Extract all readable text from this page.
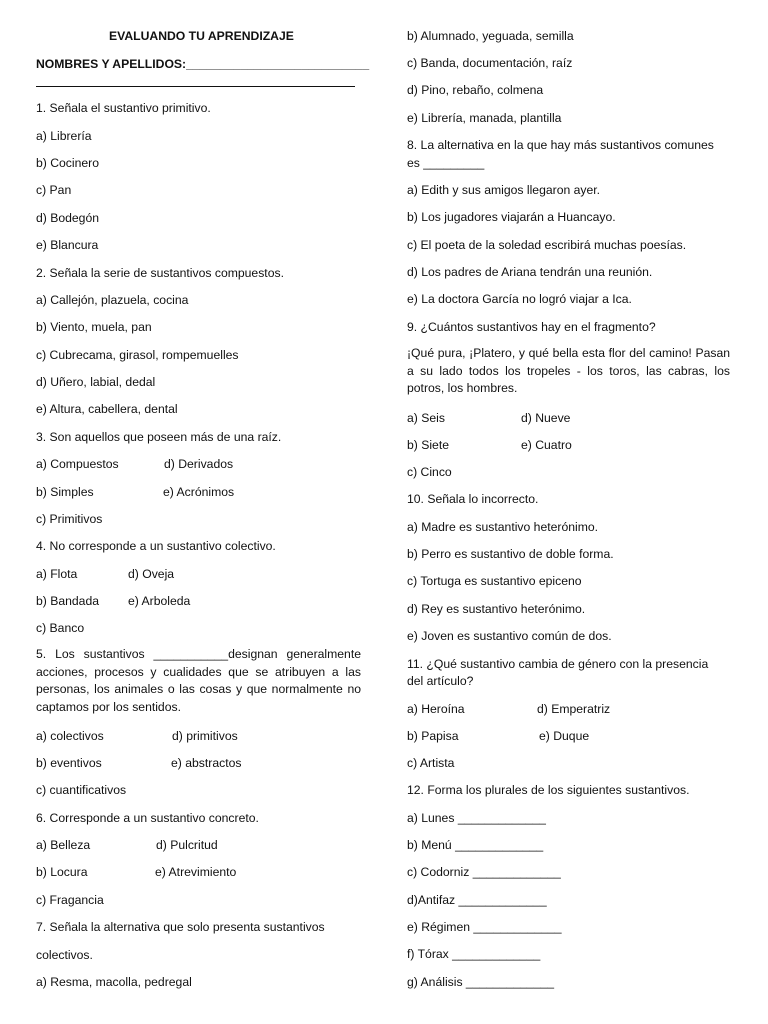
EVALUANDO TU APRENDIZAJE
NOMBRES Y APELLIDOS:___________________________
1. Señala el sustantivo primitivo.
a) Librería
b) Cocinero
c) Pan
d) Bodegón
e) Blancura
2. Señala la serie de sustantivos compuestos.
a) Callejón, plazuela, cocina
b) Viento, muela, pan
c) Cubrecama, girasol, rompemuelles
d) Uñero, labial, dedal
e) Altura, cabellera, dental
3. Son aquellos que poseen más de una raíz.
a) Compuestos	d) Derivados
b) Simples	e) Acrónimos
c) Primitivos
4. No corresponde a un sustantivo colectivo.
a) Flota	d) Oveja
b) Bandada e) Arboleda
c) Banco
5. Los sustantivos ___________designan generalmente acciones, procesos y cualidades que se atribuyen a las personas, los animales o las cosas y que normalmente no captamos por los sentidos.
a) colectivos	d) primitivos
b) eventivos	e) abstractos
c) cuantificativos
6. Corresponde a un sustantivo concreto.
a) Belleza	d) Pulcritud
b) Locura	e) Atrevimiento
c) Fragancia
7. Señala la alternativa que solo presenta sustantivos
colectivos.
a) Resma, macolla, pedregal
b) Alumnado, yeguada, semilla
c) Banda, documentación, raíz
d) Pino, rebaño, colmena
e) Librería, manada, plantilla
8. La alternativa en la que hay más sustantivos comunes
es _________
a) Edith y sus amigos llegaron ayer.
b) Los jugadores viajarán a Huancayo.
c) El poeta de la soledad escribirá muchas poesías.
d) Los padres de Ariana tendrán una reunión.
e) La doctora García no logró viajar a Ica.
9. ¿Cuántos sustantivos hay en el fragmento?
¡Qué pura, ¡Platero, y qué bella esta flor del camino! Pasan a su lado todos los tropeles - los toros, las cabras, los potros, los hombres.
a) Seis	d) Nueve
b) Siete	e) Cuatro
c) Cinco
10. Señala lo incorrecto.
a) Madre es sustantivo heterónimo.
b) Perro es sustantivo de doble forma.
c) Tortuga es sustantivo epiceno
d) Rey es sustantivo heterónimo.
e) Joven es sustantivo común de dos.
11. ¿Qué sustantivo cambia de género con la presencia
del artículo?
a) Heroína	d) Emperatriz
b) Papisa	e) Duque
c) Artista
12. Forma los plurales de los siguientes sustantivos.
a) Lunes _____________
b) Menú _____________
c) Codorniz _____________
d)Antifaz _____________
e) Régimen _____________
f) Tórax _____________
g) Análisis _____________
